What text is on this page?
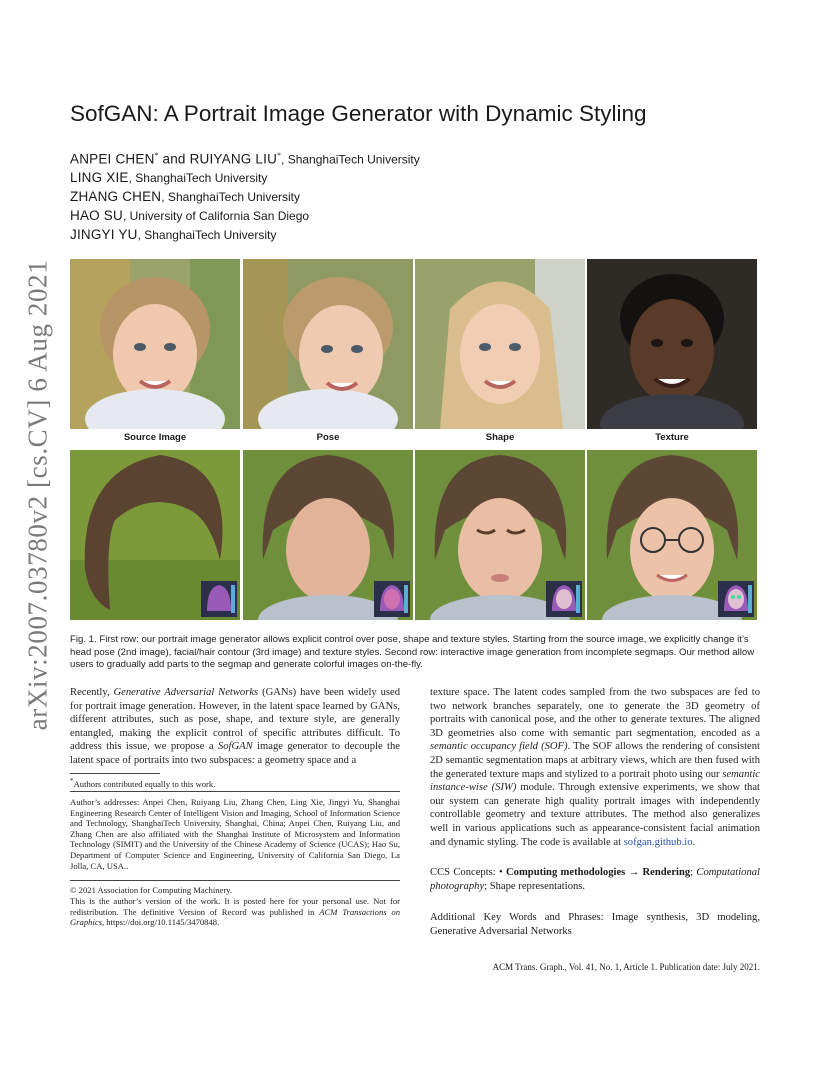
arXiv:2007.03780v2 [cs.CV] 6 Aug 2021
SofGAN: A Portrait Image Generator with Dynamic Styling
ANPEI CHEN* and RUIYANG LIU*, ShanghaiTech University
LING XIE, ShanghaiTech University
ZHANG CHEN, ShanghaiTech University
HAO SU, University of California San Diego
JINGYI YU, ShanghaiTech University
Source Image	Pose	Shape	Texture
Fig. 1. First row: our portrait image generator allows explicit control over pose, shape and texture styles. Starting from the source image, we explicitly change it’s head pose (2nd image), facial/hair contour (3rd image) and texture styles. Second row: interactive image generation from incomplete segmaps. Our method allow users to gradually add parts to the segmap and generate colorful images on-the-fly.

Recently, Generative Adversarial Networks (GANs) have been widely used for portrait image generation. However, in the latent space learned by GANs, different attributes, such as pose, shape, and texture style, are generally entangled, making the explicit control of specific attributes difficult. To address this issue, we propose a SofGAN image generator to decouple the latent space of portraits into two subspaces: a geometry space and a

*Authors contributed equally to this work.
Author’s addresses: Anpei Chen, Ruiyang Liu, Zhang Chen, Ling Xie, Jingyi Yu, Shanghai Engineering Research Center of Intelligent Vision and Imaging, School of Information Science and Technology, ShanghaiTech University, Shanghai, China; Anpei Chen, Ruiyang Liu, and Zhang Chen are also affiliated with the Shanghai Institute of Microsystem and Information Technology (SIMIT) and the University of the Chinese Academy of Science (UCAS); Hao Su, Department of Computer Science and Engineering, University of California San Diego, La Jolla, CA, USA..
© 2021 Association for Computing Machinery.
This is the author’s version of the work. It is posted here for your personal use. Not for redistribution. The definitive Version of Record was published in ACM Transactions on Graphics, https://doi.org/10.1145/3470848.

texture space. The latent codes sampled from the two subspaces are fed to two network branches separately, one to generate the 3D geometry of portraits with canonical pose, and the other to generate textures. The aligned 3D geometries also come with semantic part segmentation, encoded as a semantic occupancy field (SOF). The SOF allows the rendering of consistent 2D semantic segmentation maps at arbitrary views, which are then fused with the generated texture maps and stylized to a portrait photo using our semantic instance-wise (SIW) module. Through extensive experiments, we show that our system can generate high quality portrait images with independently controllable geometry and texture attributes. The method also generalizes well in various applications such as appearance-consistent facial animation and dynamic styling. The code is available at sofgan.github.io.

CCS Concepts: • Computing methodologies → Rendering; Computational photography; Shape representations.
Additional Key Words and Phrases: Image synthesis, 3D modeling, Generative Adversarial Networks
ACM Trans. Graph., Vol. 41, No. 1, Article 1. Publication date: July 2021.
